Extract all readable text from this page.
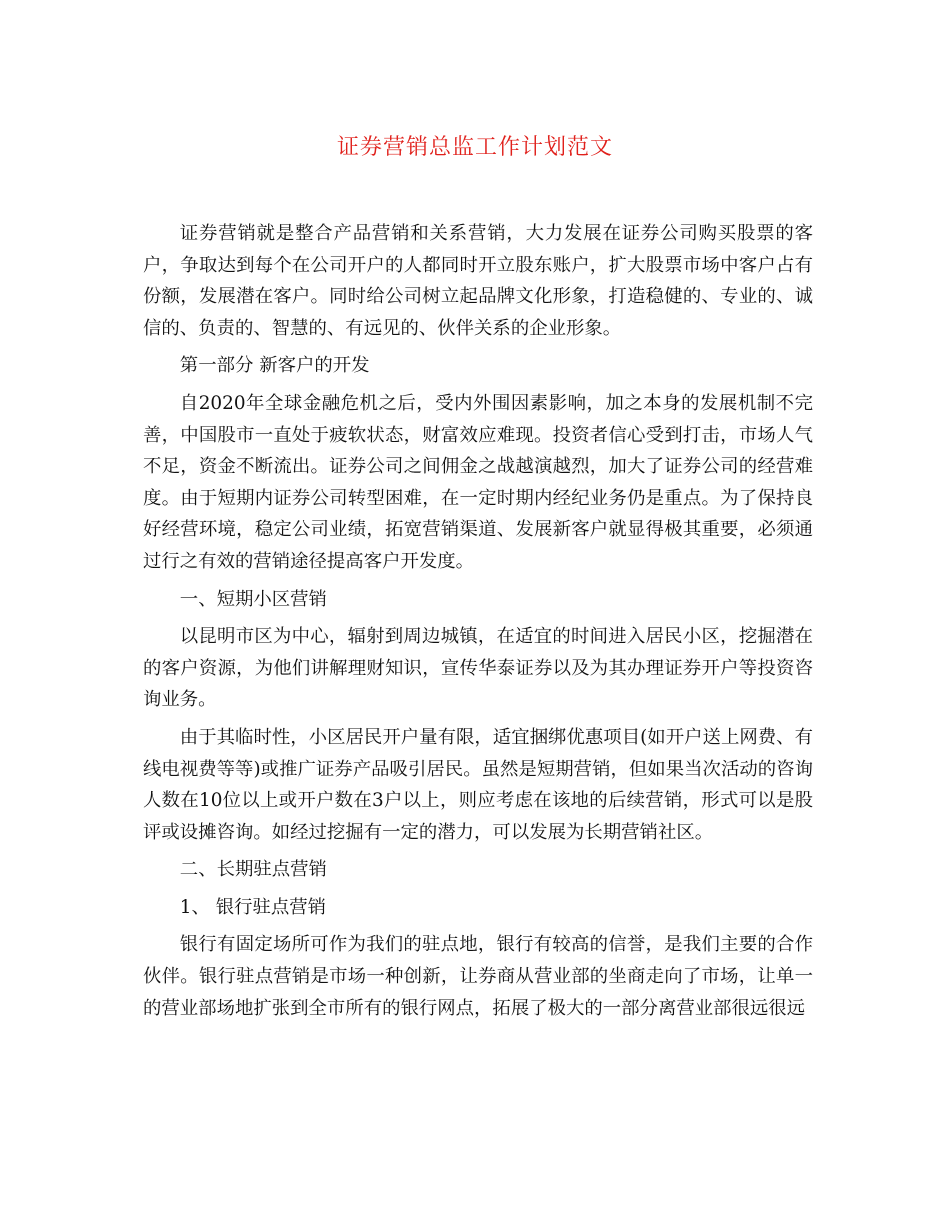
证券营销总监工作计划范文

证券营销就是整合产品营销和关系营销，大力发展在证券公司购买股票的客户，争取达到每个在公司开户的人都同时开立股东账户，扩大股票市场中客户占有份额，发展潜在客户。同时给公司树立起品牌文化形象，打造稳健的、专业的、诚信的、负责的、智慧的、有远见的、伙伴关系的企业形象。

第一部分 新客户的开发

自2020年全球金融危机之后，受内外围因素影响，加之本身的发展机制不完善，中国股市一直处于疲软状态，财富效应难现。投资者信心受到打击，市场人气不足，资金不断流出。证券公司之间佣金之战越演越烈，加大了证券公司的经营难度。由于短期内证券公司转型困难，在一定时期内经纪业务仍是重点。为了保持良好经营环境，稳定公司业绩，拓宽营销渠道、发展新客户就显得极其重要，必须通过行之有效的营销途径提高客户开发度。

一、短期小区营销

以昆明市区为中心，辐射到周边城镇，在适宜的时间进入居民小区，挖掘潜在的客户资源，为他们讲解理财知识，宣传华泰证券以及为其办理证券开户等投资咨询业务。

由于其临时性，小区居民开户量有限，适宜捆绑优惠项目(如开户送上网费、有线电视费等等)或推广证券产品吸引居民。虽然是短期营销，但如果当次活动的咨询人数在10位以上或开户数在3户以上，则应考虑在该地的后续营销，形式可以是股评或设摊咨询。如经过挖掘有一定的潜力，可以发展为长期营销社区。

二、长期驻点营销

1、 银行驻点营销

银行有固定场所可作为我们的驻点地，银行有较高的信誉，是我们主要的合作伙伴。银行驻点营销是市场一种创新，让券商从营业部的坐商走向了市场，让单一的营业部场地扩张到全市所有的银行网点，拓展了极大的一部分离营业部很远很远
